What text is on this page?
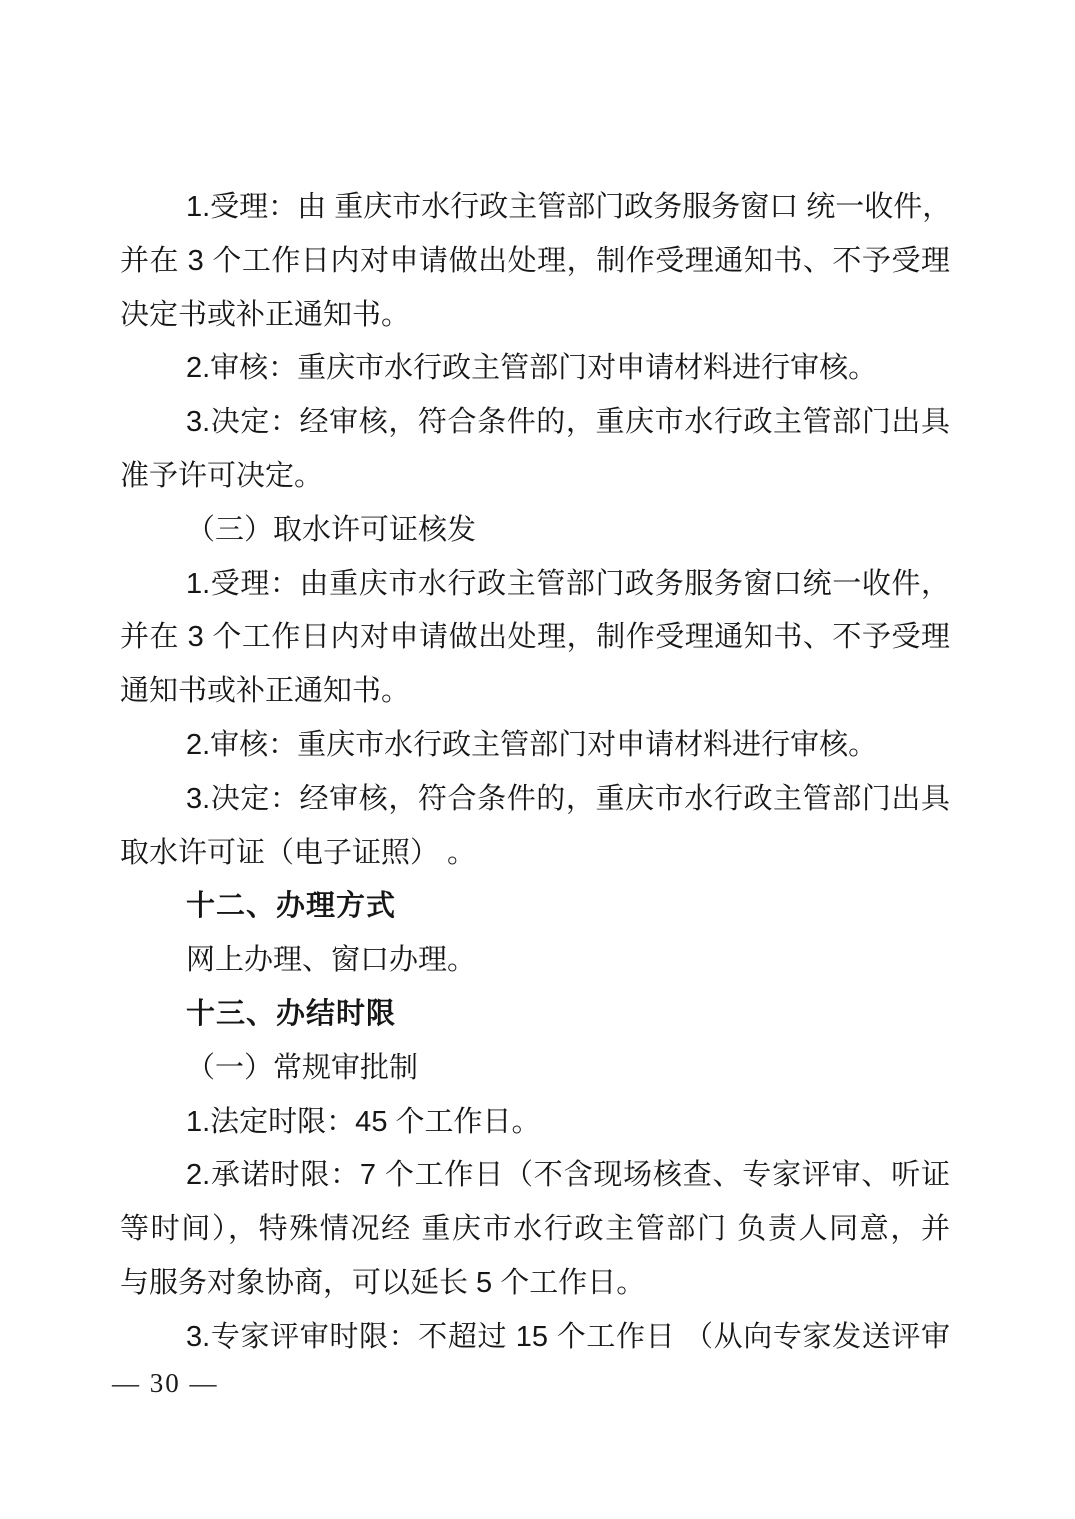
1.受理：由 重庆市水行政主管部门政务服务窗口 统一收件，
并在 3 个工作日内对申请做出处理，制作受理通知书、不予受理
决定书或补正通知书。
2.审核：重庆市水行政主管部门对申请材料进行审核。
3.决定：经审核，符合条件的，重庆市水行政主管部门出具
准予许可决定。
（三）取水许可证核发
1.受理：由重庆市水行政主管部门政务服务窗口统一收件，
并在 3 个工作日内对申请做出处理，制作受理通知书、不予受理
通知书或补正通知书。
2.审核：重庆市水行政主管部门对申请材料进行审核。
3.决定：经审核，符合条件的，重庆市水行政主管部门出具
取水许可证（电子证照） 。
十二、办理方式
网上办理、窗口办理。
十三、办结时限
（一）常规审批制
1.法定时限：45 个工作日。
2.承诺时限：7 个工作日（不含现场核查、专家评审、听证
等时间），特殊情况经 重庆市水行政主管部门 负责人同意，并
与服务对象协商，可以延长 5 个工作日。
3.专家评审时限：不超过 15 个工作日 （从向专家发送评审
— 30 —
